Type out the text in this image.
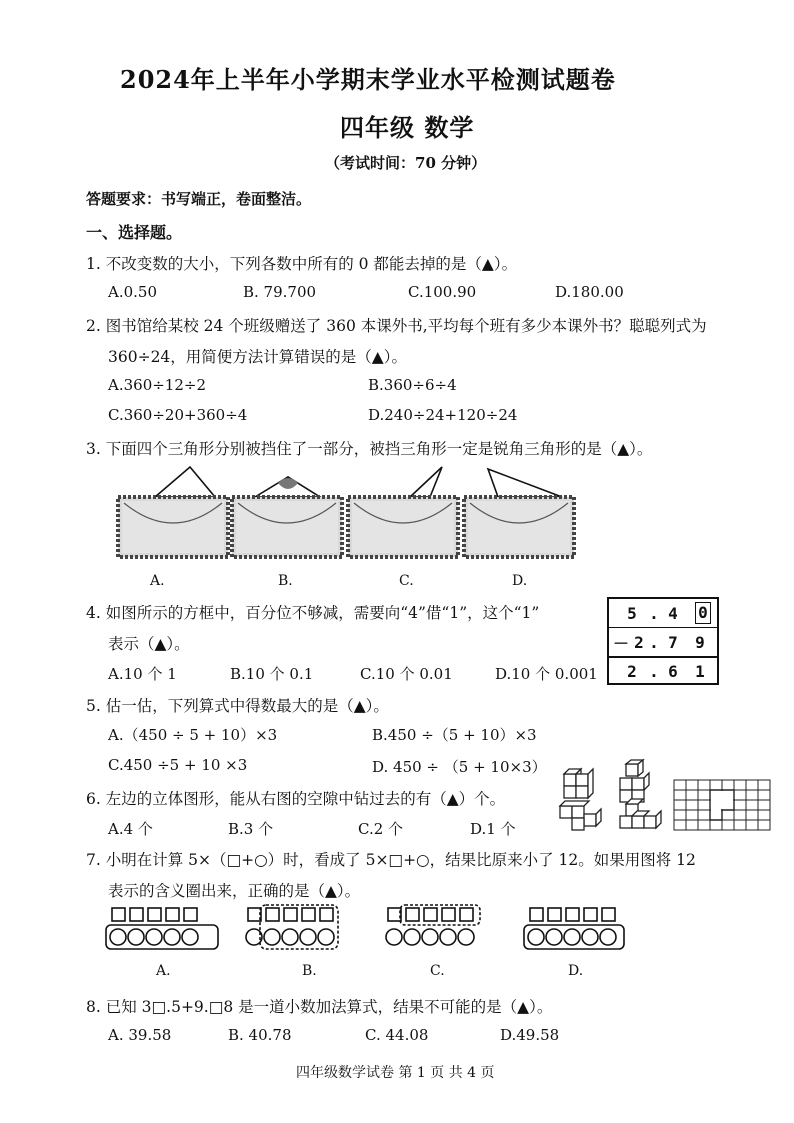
2024年上半年小学期末学业水平检测试题卷
四年级 数学
（考试时间：70 分钟）
答题要求：书写端正，卷面整洁。
一、选择题。
1. 不改变数的大小，下列各数中所有的 0 都能去掉的是（▲）。
A.0.50	B. 79.700	C.100.90	D.180.00
2. 图书馆给某校 24 个班级赠送了 360 本课外书,平均每个班有多少本课外书？聪聪列式为
360÷24，用简便方法计算错误的是（▲）。
A.360÷12÷2	B.360÷6÷4
C.360÷20+360÷4	D.240÷24+120÷24
3. 下面四个三角形分别被挡住了一部分，被挡三角形一定是锐角三角形的是（▲）。
A.	B.	C.	D.
4. 如图所示的方框中，百分位不够减，需要向“4”借“1”，这个“1”
表示（▲）。
A.10 个 1	B.10 个 0.1	C.10 个 0.01	D.10 个 0.001
5 . 4	0
－ 2 . 7	9
2 . 6	1
5. 估一估，下列算式中得数最大的是（▲）。
A.（450 ÷ 5 + 10）×3	B.450 ÷（5 + 10）×3
C.450 ÷5 + 10 ×3	D. 450 ÷ （5 + 10×3）
6. 左边的立体图形，能从右图的空隙中钻过去的有（▲）个。
A.4 个	B.3 个	C.2 个	D.1 个
7. 小明在计算 5×（□+○）时，看成了 5×□+○，结果比原来小了 12。如果用图将 12
表示的含义圈出来，正确的是（▲）。
A.	B.	C.	D.
8. 已知 3□.5+9.□8 是一道小数加法算式，结果不可能的是（▲）。
A. 39.58	B. 40.78	C. 44.08	D.49.58
四年级数学试卷 第 1 页 共 4 页
